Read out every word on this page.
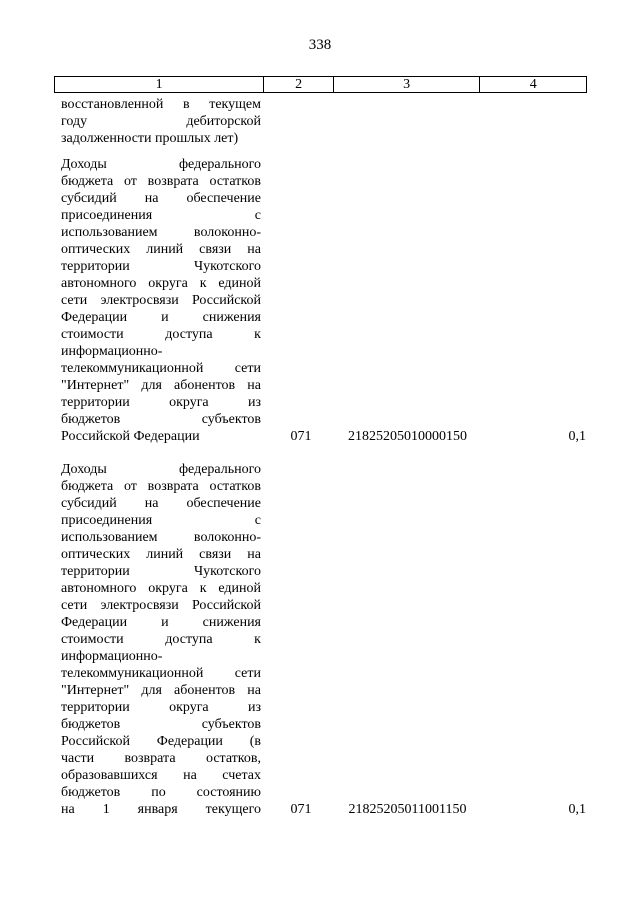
338
1	2	3	4
восстановленной в текущем
году дебиторской
задолженности прошлых лет)
Доходы федерального
бюджета от возврата остатков
субсидий на обеспечение
присоединения с
использованием волоконно-
оптических линий связи на
территории Чукотского
автономного округа к единой
сети электросвязи Российской
Федерации и снижения
стоимости доступа к
информационно-
телекоммуникационной сети
"Интернет" для абонентов на
территории округа из
бюджетов субъектов
Российской Федерации	071	21825205010000150	0,1
Доходы федерального
бюджета от возврата остатков
субсидий на обеспечение
присоединения с
использованием волоконно-
оптических линий связи на
территории Чукотского
автономного округа к единой
сети электросвязи Российской
Федерации и снижения
стоимости доступа к
информационно-
телекоммуникационной сети
"Интернет" для абонентов на
территории округа из
бюджетов субъектов
Российской Федерации (в
части возврата остатков,
образовавшихся на счетах
бюджетов по состоянию
на 1 января текущего 071	21825205011001150	0,1
